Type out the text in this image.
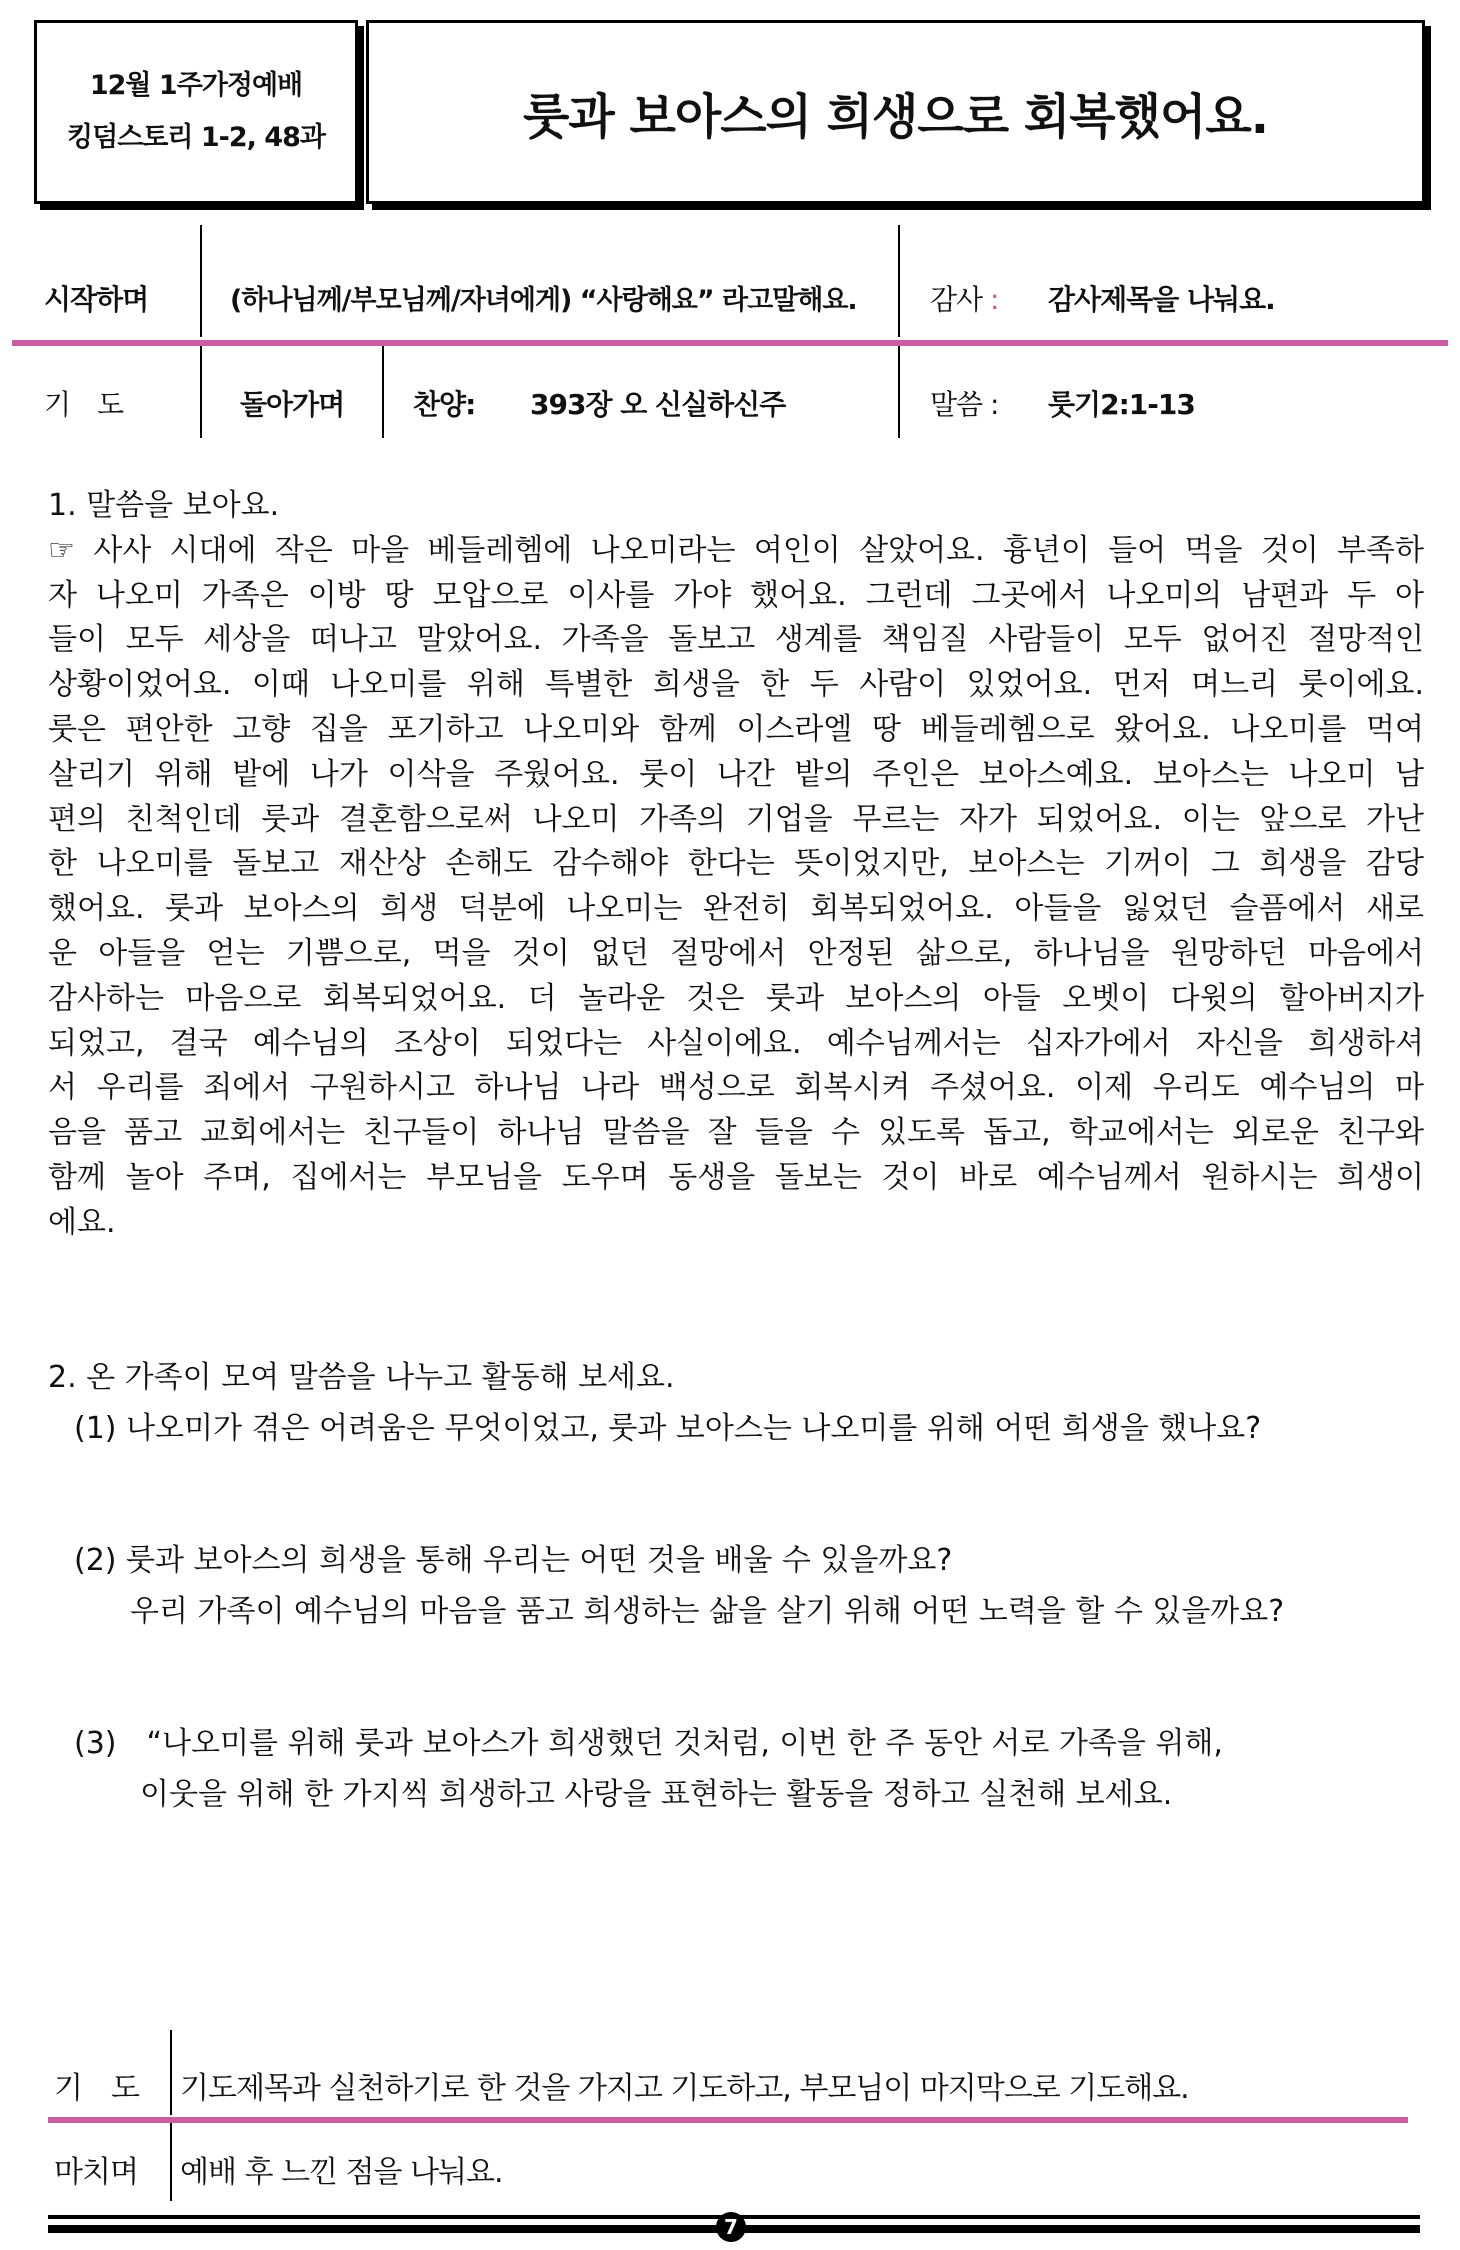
12월 1주가정예배
킹덤스토리 1-2, 48과	룻과 보아스의 희생으로 회복했어요.
시작하며	(하나님께/부모님께/자녀에게) “사랑해요” 라고말해요.	감사 : 감사제목을 나눠요.
기　도	돌아가며 찬양: 393장 오 신실하신주	말씀 : 룻기2:1-13

1. 말씀을 보아요.

☞ 사사 시대에 작은 마을 베들레헴에 나오미라는 여인이 살았어요. 흉년이 들어 먹을 것이 부족하

자 나오미 가족은 이방 땅 모압으로 이사를 가야 했어요. 그런데 그곳에서 나오미의 남편과 두 아

들이 모두 세상을 떠나고 말았어요. 가족을 돌보고 생계를 책임질 사람들이 모두 없어진 절망적인

상황이었어요. 이때 나오미를 위해 특별한 희생을 한 두 사람이 있었어요. 먼저 며느리 룻이에요.

룻은 편안한 고향 집을 포기하고 나오미와 함께 이스라엘 땅 베들레헴으로 왔어요. 나오미를 먹여

살리기 위해 밭에 나가 이삭을 주웠어요. 룻이 나간 밭의 주인은 보아스예요. 보아스는 나오미 남

편의 친척인데 룻과 결혼함으로써 나오미 가족의 기업을 무르는 자가 되었어요. 이는 앞으로 가난

한 나오미를 돌보고 재산상 손해도 감수해야 한다는 뜻이었지만, 보아스는 기꺼이 그 희생을 감당

했어요. 룻과 보아스의 희생 덕분에 나오미는 완전히 회복되었어요. 아들을 잃었던 슬픔에서 새로

운 아들을 얻는 기쁨으로, 먹을 것이 없던 절망에서 안정된 삶으로, 하나님을 원망하던 마음에서

감사하는 마음으로 회복되었어요. 더 놀라운 것은 룻과 보아스의 아들 오벳이 다윗의 할아버지가

되었고, 결국 예수님의 조상이 되었다는 사실이에요. 예수님께서는 십자가에서 자신을 희생하셔

서 우리를 죄에서 구원하시고 하나님 나라 백성으로 회복시켜 주셨어요. 이제 우리도 예수님의 마

음을 품고 교회에서는 친구들이 하나님 말씀을 잘 들을 수 있도록 돕고, 학교에서는 외로운 친구와

함께 놀아 주며, 집에서는 부모님을 도우며 동생을 돌보는 것이 바로 예수님께서 원하시는 희생이

에요.

2. 온 가족이 모여 말씀을 나누고 활동해 보세요.
(1) 나오미가 겪은 어려움은 무엇이었고, 룻과 보아스는 나오미를 위해 어떤 희생을 했나요?
(2) 룻과 보아스의 희생을 통해 우리는 어떤 것을 배울 수 있을까요?
우리 가족이 예수님의 마음을 품고 희생하는 삶을 살기 위해 어떤 노력을 할 수 있을까요?
(3)　“나오미를 위해 룻과 보아스가 희생했던 것처럼, 이번 한 주 동안 서로 가족을 위해,
이웃을 위해 한 가지씩 희생하고 사랑을 표현하는 활동을 정하고 실천해 보세요.
기　도 기도제목과 실천하기로 한 것을 가지고 기도하고, 부모님이 마지막으로 기도해요.
마치며 예배 후 느낀 점을 나눠요.
7
